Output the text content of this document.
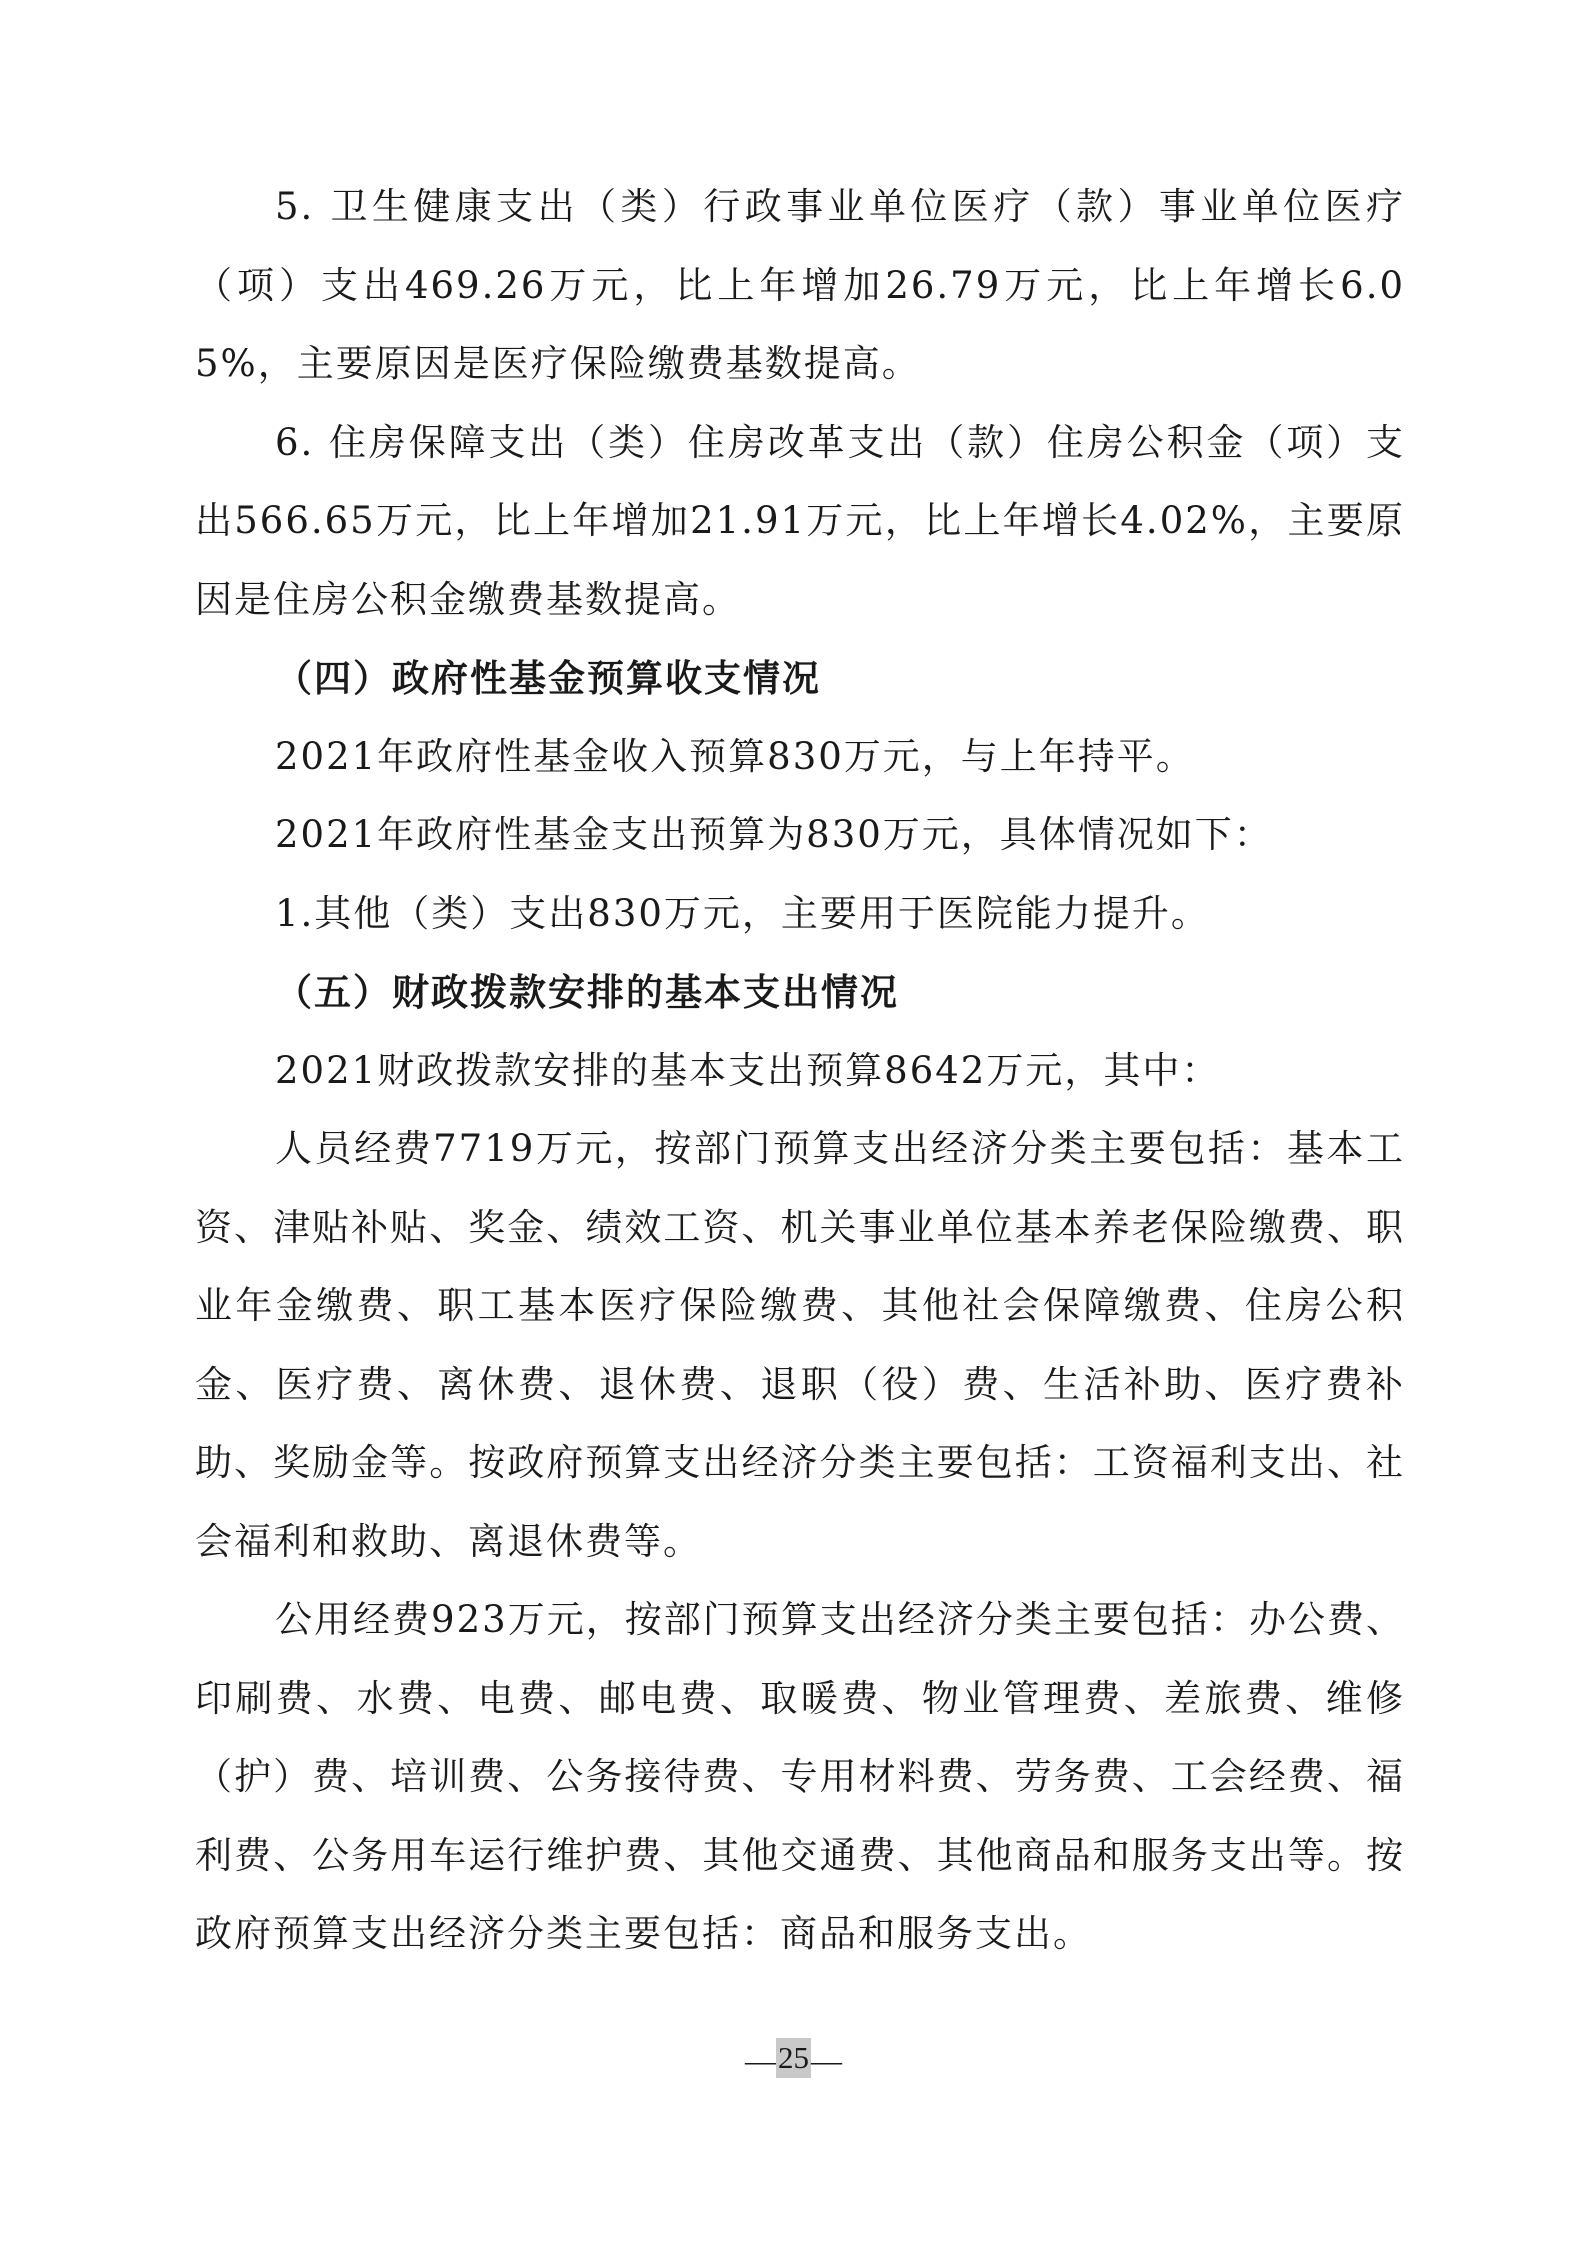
5. 卫生健康支出（类）行政事业单位医疗（款）事业单位医疗（项）支出469.26万元，比上年增加26.79万元，比上年增长6.05%，主要原因是医疗保险缴费基数提高。

6. 住房保障支出（类）住房改革支出（款）住房公积金（项）支出566.65万元，比上年增加21.91万元，比上年增长4.02%，主要原因是住房公积金缴费基数提高。

（四）政府性基金预算收支情况

2021年政府性基金收入预算830万元，与上年持平。

2021年政府性基金支出预算为830万元，具体情况如下：

1.其他（类）支出830万元，主要用于医院能力提升。

（五）财政拨款安排的基本支出情况

2021财政拨款安排的基本支出预算8642万元，其中：

人员经费7719万元，按部门预算支出经济分类主要包括：基本工资、津贴补贴、奖金、绩效工资、机关事业单位基本养老保险缴费、职业年金缴费、职工基本医疗保险缴费、其他社会保障缴费、住房公积金、医疗费、离休费、退休费、退职（役）费、生活补助、医疗费补助、奖励金等。按政府预算支出经济分类主要包括：工资福利支出、社会福利和救助、离退休费等。

公用经费923万元，按部门预算支出经济分类主要包括：办公费、印刷费、水费、电费、邮电费、取暖费、物业管理费、差旅费、维修（护）费、培训费、公务接待费、专用材料费、劳务费、工会经费、福利费、公务用车运行维护费、其他交通费、其他商品和服务支出等。按政府预算支出经济分类主要包括：商品和服务支出。

—25—
